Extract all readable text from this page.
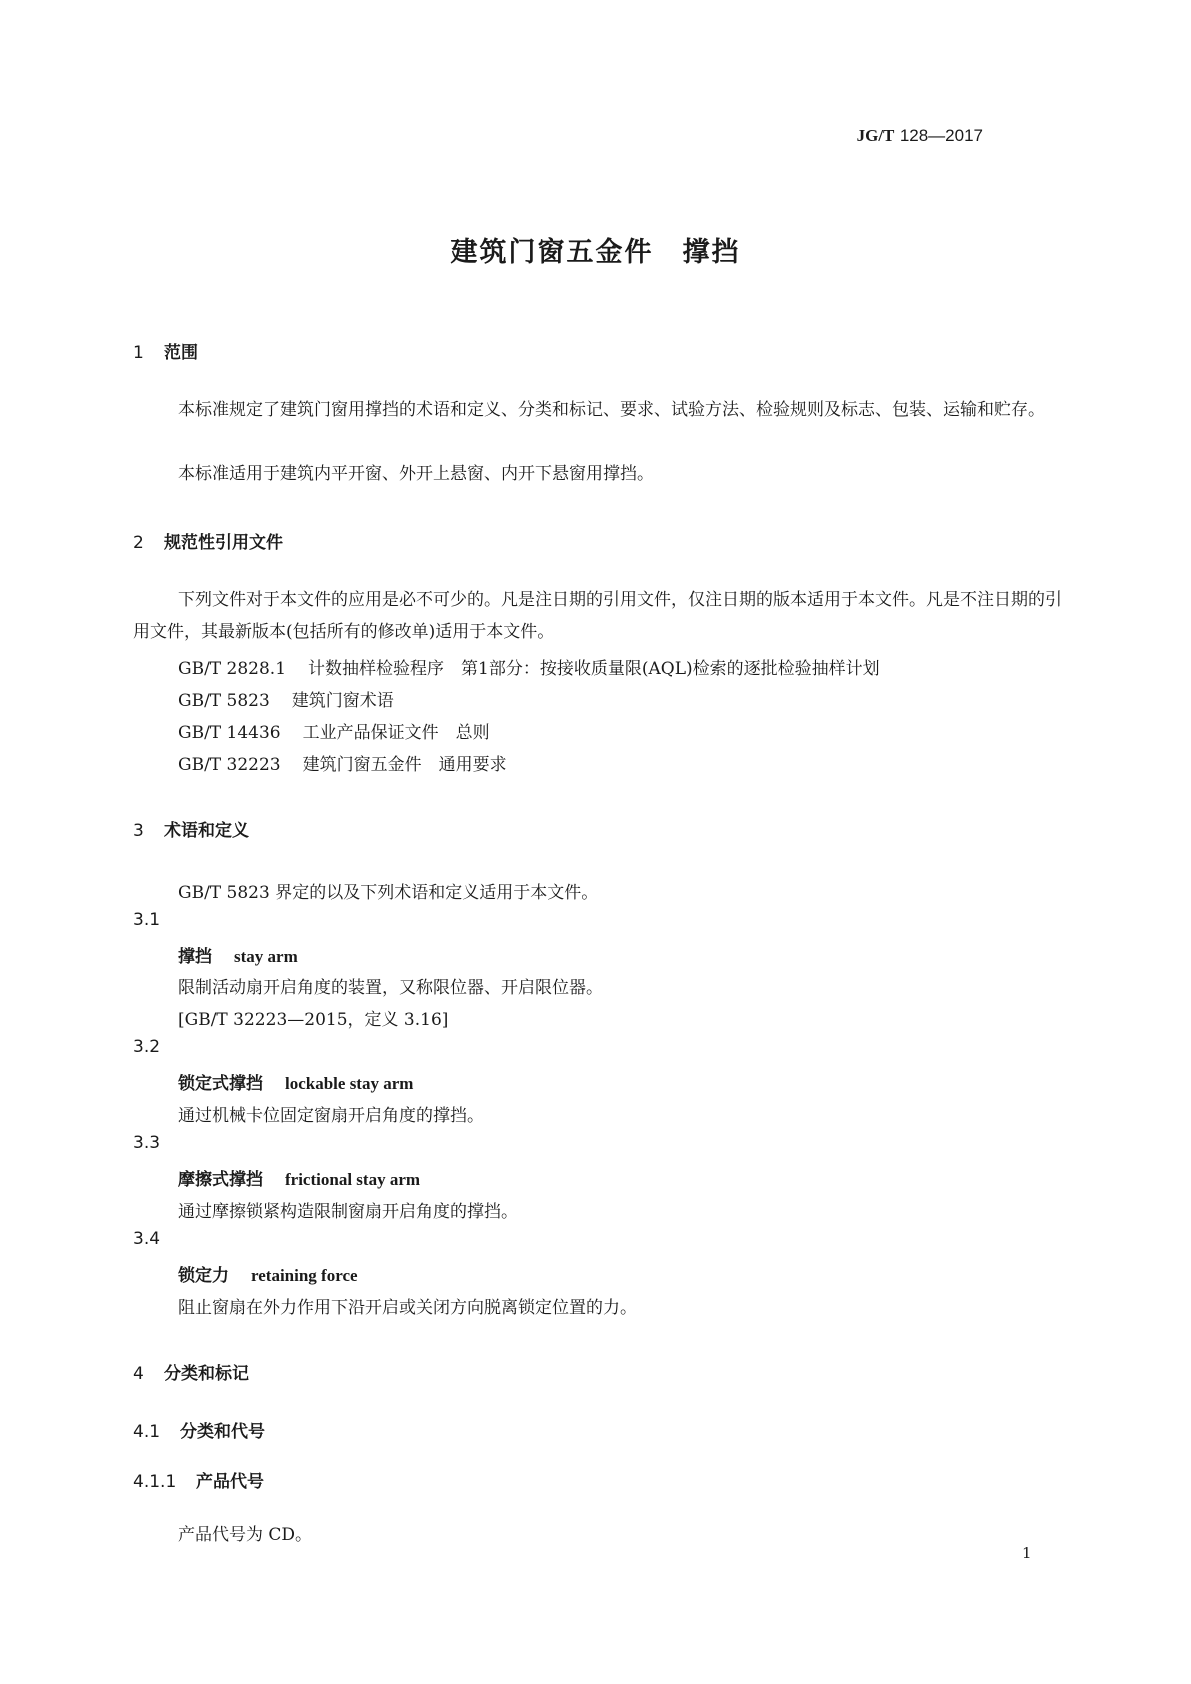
JG/T 128—2017
建筑门窗五金件　撑挡
1 范围
本标准规定了建筑门窗用撑挡的术语和定义、分类和标记、要求、试验方法、检验规则及标志、包装、运输和贮存。
本标准适用于建筑内平开窗、外开上悬窗、内开下悬窗用撑挡。
2 规范性引用文件
下列文件对于本文件的应用是必不可少的。凡是注日期的引用文件，仅注日期的版本适用于本文件。凡是不注日期的引用文件，其最新版本(包括所有的修改单)适用于本文件。
GB/T 2828.1 计数抽样检验程序　第1部分：按接收质量限(AQL)检索的逐批检验抽样计划
GB/T 5823 建筑门窗术语
GB/T 14436 工业产品保证文件　总则
GB/T 32223 建筑门窗五金件　通用要求
3 术语和定义
GB/T 5823 界定的以及下列术语和定义适用于本文件。
3.1
撑挡 stay arm
限制活动扇开启角度的装置，又称限位器、开启限位器。
[GB/T 32223—2015，定义 3.16]
3.2
锁定式撑挡 lockable stay arm
通过机械卡位固定窗扇开启角度的撑挡。
3.3
摩擦式撑挡 frictional stay arm
通过摩擦锁紧构造限制窗扇开启角度的撑挡。
3.4
锁定力 retaining force
阻止窗扇在外力作用下沿开启或关闭方向脱离锁定位置的力。
4 分类和标记
4.1 分类和代号
4.1.1 产品代号
产品代号为 CD。
1
